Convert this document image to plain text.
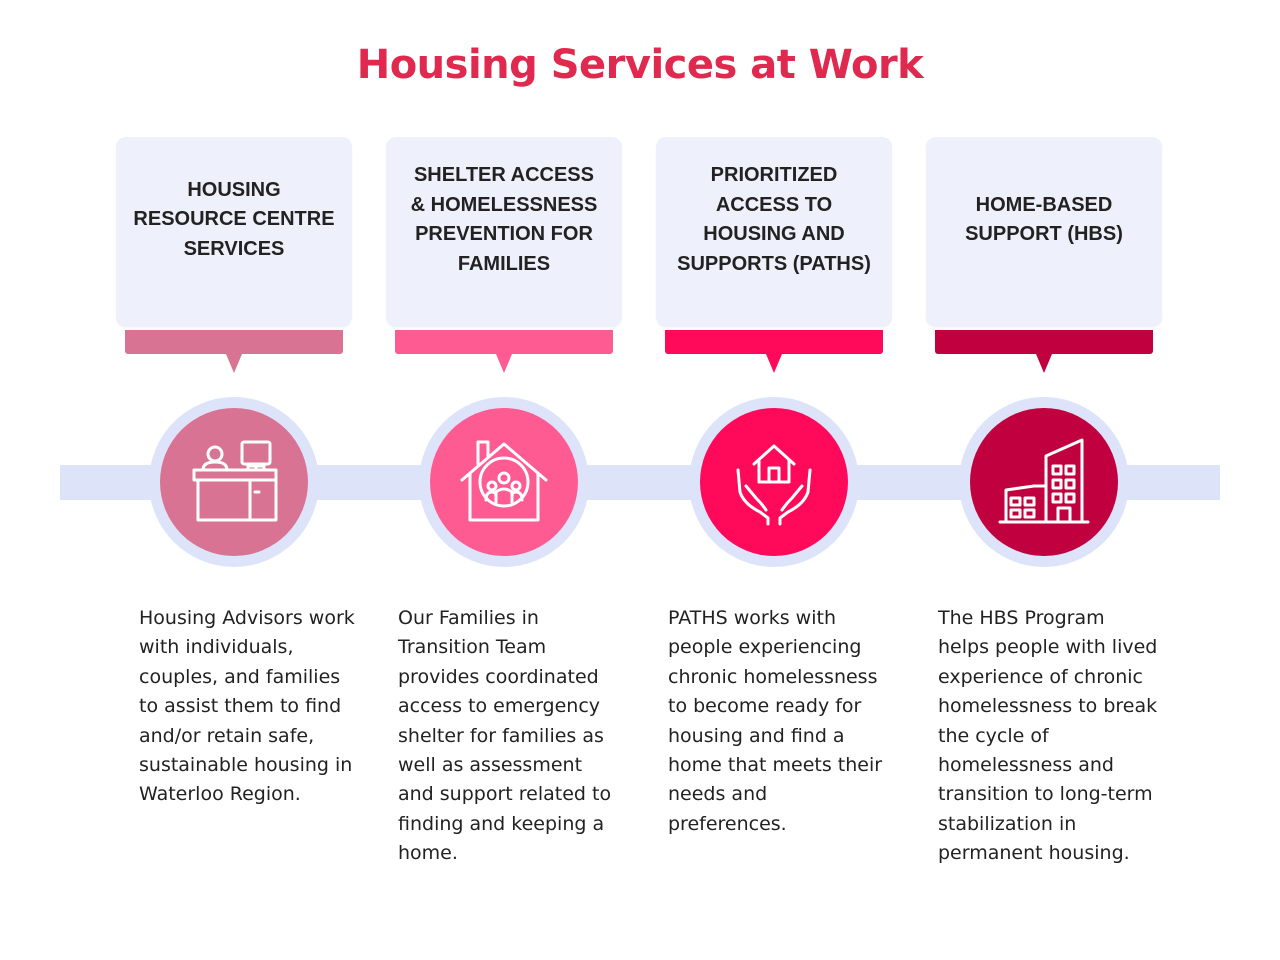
Housing Services at Work
HOUSING
RESOURCE CENTRE
SERVICES
Housing Advisors work with individuals, couples, and families to assist them to find and/or retain safe, sustainable housing in Waterloo Region.
SHELTER ACCESS
& HOMELESSNESS
PREVENTION FOR
FAMILIES
Our Families in Transition Team provides coordinated access to emergency shelter for families as well as assessment and support related to finding and keeping a home.
PRIORITIZED
ACCESS TO
HOUSING AND
SUPPORTS (PATHS)
PATHS works with people experiencing chronic homelessness to become ready for housing and find a home that meets their needs and preferences.
HOME-BASED
SUPPORT (HBS)
The HBS Program helps people with lived experience of chronic homelessness to break the cycle of homelessness and transition to long-term stabilization in permanent housing.
